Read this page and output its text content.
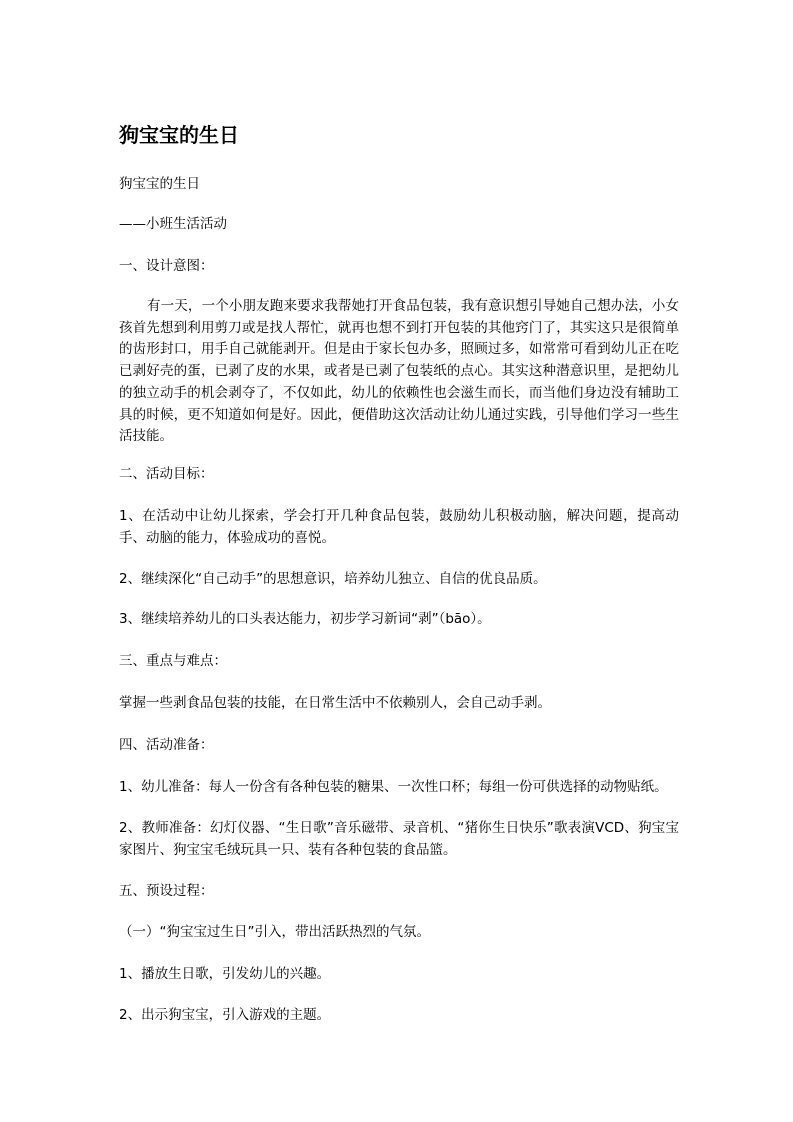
狗宝宝的生日

狗宝宝的生日

——小班生活活动

一、设计意图：

有一天，一个小朋友跑来要求我帮她打开食品包装，我有意识想引导她自己想办法，小女孩首先想到利用剪刀或是找人帮忙，就再也想不到打开包装的其他窍门了，其实这只是很简单的齿形封口，用手自己就能剥开。但是由于家长包办多，照顾过多，如常常可看到幼儿正在吃已剥好壳的蛋，已剥了皮的水果，或者是已剥了包装纸的点心。其实这种潜意识里，是把幼儿的独立动手的机会剥夺了，不仅如此，幼儿的依赖性也会滋生而长，而当他们身边没有辅助工具的时候，更不知道如何是好。因此，便借助这次活动让幼儿通过实践，引导他们学习一些生活技能。

二、活动目标：

1、在活动中让幼儿探索，学会打开几种食品包装，鼓励幼儿积极动脑，解决问题，提高动手、动脑的能力，体验成功的喜悦。

2、继续深化“自己动手”的思想意识，培养幼儿独立、自信的优良品质。

3、继续培养幼儿的口头表达能力，初步学习新词“剥”（bāo）。

三、重点与难点：

掌握一些剥食品包装的技能，在日常生活中不依赖别人，会自己动手剥。

四、活动准备：

1、幼儿准备：每人一份含有各种包装的糖果、一次性口杯；每组一份可供选择的动物贴纸。

2、教师准备：幻灯仪器、“生日歌”音乐磁带、录音机、“猪你生日快乐”歌表演VCD、狗宝宝家图片、狗宝宝毛绒玩具一只、装有各种包装的食品篮。

五、预设过程：

（一）“狗宝宝过生日”引入，带出活跃热烈的气氛。

1、播放生日歌，引发幼儿的兴趣。

2、出示狗宝宝，引入游戏的主题。
